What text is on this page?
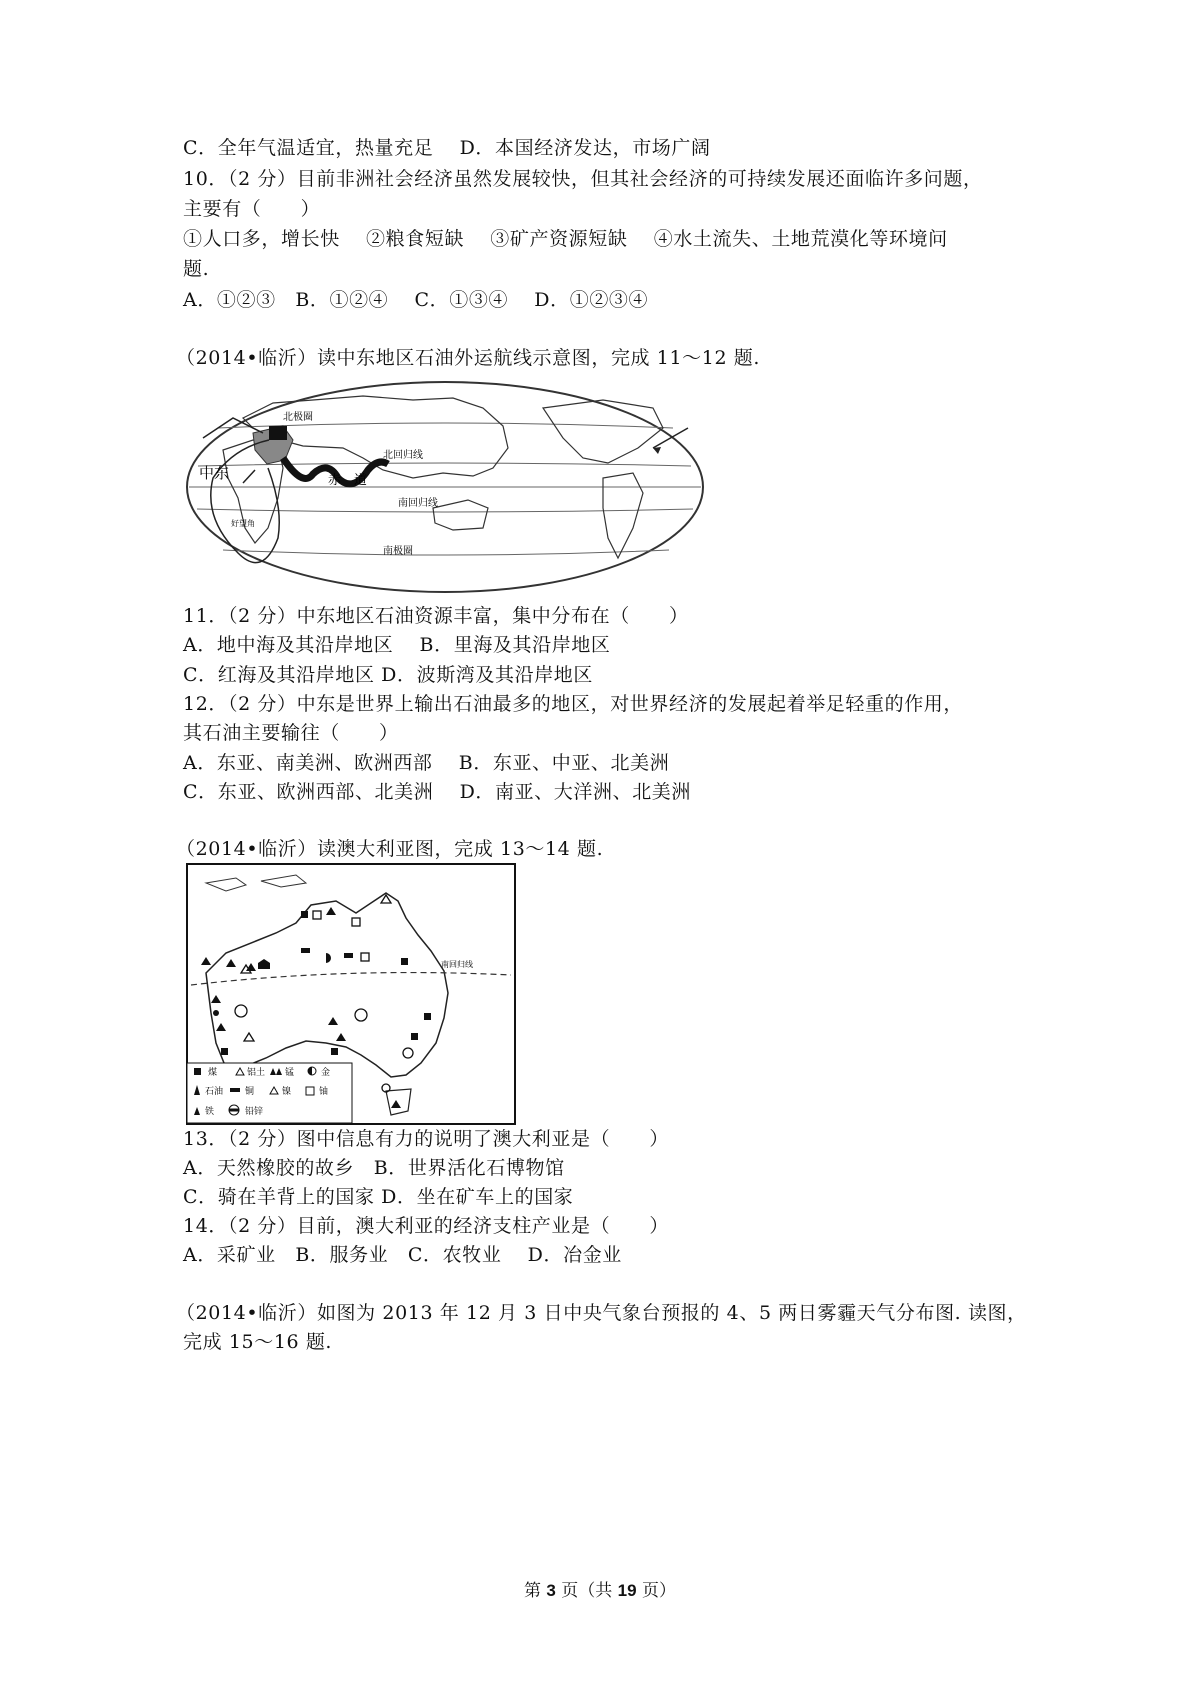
C．全年气温适宜，热量充足　 D．本国经济发达，市场广阔
10．（2 分）目前非洲社会经济虽然发展较快，但其社会经济的可持续发展还面临许多问题，
主要有（　　）
①人口多，增长快　 ②粮食短缺　 ③矿产资源短缺　 ④水土流失、土地荒漠化等环境问
题.
A．①②③　B．①②④　 C．①③④　 D．①②③④
（2014•临沂）读中东地区石油外运航线示意图，完成 11～12 题.
北极圈
北回归线
赤　道
南回归线
南极圈
中东
好望角
11．（2 分）中东地区石油资源丰富，集中分布在（　　）
A．地中海及其沿岸地区　 B．里海及其沿岸地区
C．红海及其沿岸地区 D．波斯湾及其沿岸地区
12．（2 分）中东是世界上输出石油最多的地区，对世界经济的发展起着举足轻重的作用，
其石油主要输往（　　）
A．东亚、南美洲、欧洲西部　 B．东亚、中亚、北美洲
C．东亚、欧洲西部、北美洲　 D．南亚、大洋洲、北美洲
（2014•临沂）读澳大利亚图，完成 13～14 题.
南回归线
煤	铝土 锰	金
石油 铜	镍	铀
铁	铅锌
13．（2 分）图中信息有力的说明了澳大利亚是（　　）
A．天然橡胶的故乡　B．世界活化石博物馆
C．骑在羊背上的国家 D．坐在矿车上的国家
14．（2 分）目前，澳大利亚的经济支柱产业是（　　）
A．采矿业　B．服务业　C．农牧业　 D．冶金业
（2014•临沂）如图为 2013 年 12 月 3 日中央气象台预报的 4、5 两日雾霾天气分布图. 读图，
完成 15～16 题.
第 3 页（共 19 页）
